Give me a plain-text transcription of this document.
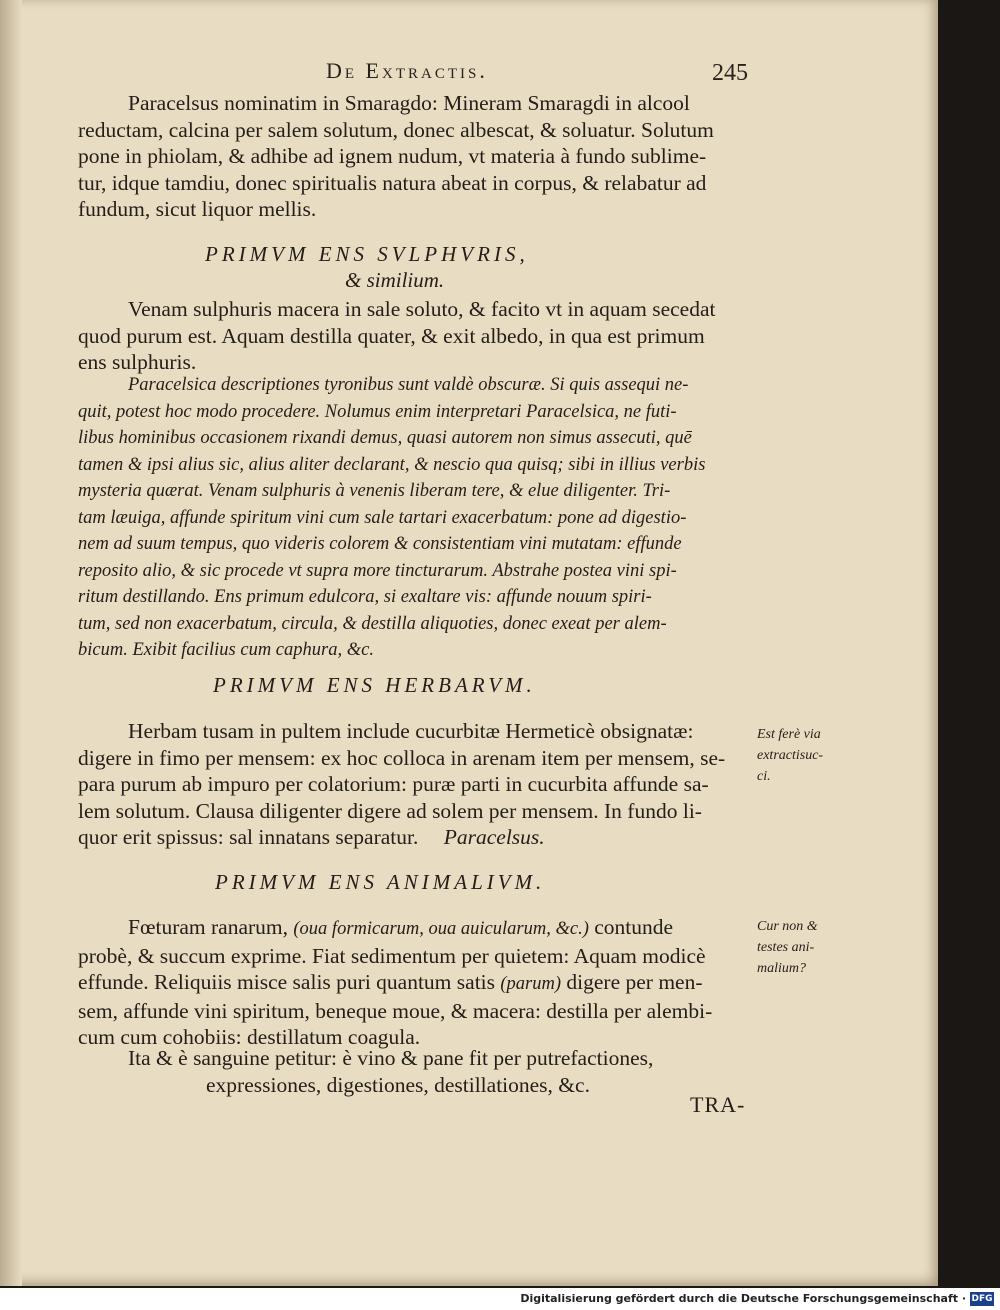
De Extractis.	245
Paracelsus nominatim in Smaragdo: Mineram Smaragdi in alcool
reductam, calcina per salem solutum, donec albescat, & soluatur. Solutum
pone in phiolam, & adhibe ad ignem nudum, vt materia à fundo sublime-
tur, idque tamdiu, donec spiritualis natura abeat in corpus, & relabatur ad
fundum, sicut liquor mellis.
PRIMVM ENS SVLPHVRIS,
& similium.
Venam sulphuris macera in sale soluto, & facito vt in aquam secedat
quod purum est. Aquam destilla quater, & exit albedo, in qua est primum
ens sulphuris.
Paracelsica descriptiones tyronibus sunt valdè obscuræ. Si quis assequi ne-
quit, potest hoc modo procedere. Nolumus enim interpretari Paracelsica, ne futi-
libus hominibus occasionem rixandi demus, quasi autorem non simus assecuti, quē
tamen & ipsi alius sic, alius aliter declarant, & nescio qua quisq; sibi in illius verbis
mysteria quærat. Venam sulphuris à venenis liberam tere, & elue diligenter. Tri-
tam læuiga, affunde spiritum vini cum sale tartari exacerbatum: pone ad digestio-
nem ad suum tempus, quo videris colorem & consistentiam vini mutatam: effunde
reposito alio, & sic procede vt supra more tincturarum. Abstrahe postea vini spi-
ritum destillando. Ens primum edulcora, si exaltare vis: affunde nouum spiri-
tum, sed non exacerbatum, circula, & destilla aliquoties, donec exeat per alem-
bicum. Exibit facilius cum caphura, &c.
PRIMVM ENS HERBARVM.
Herbam tusam in pultem include cucurbitæ Hermeticè obsignatæ:
digere in fimo per mensem: ex hoc colloca in arenam item per mensem, se-
para purum ab impuro per colatorium: puræ parti in cucurbita affunde sa-
lem solutum. Clausa diligenter digere ad solem per mensem. In fundo li-
quor erit spissus: sal innatans separatur. Paracelsus.
Est ferè via
extractisuc-
ci.
PRIMVM ENS ANIMALIVM.
Fœturam ranarum, (oua formicarum, oua auicularum, &c.) contunde
probè, & succum exprime. Fiat sedimentum per quietem: Aquam modicè
effunde. Reliquiis misce salis puri quantum satis (parum) digere per men-
sem, affunde vini spiritum, beneque moue, & macera: destilla per alembi-
cum cum cohobiis: destillatum coagula.
Cur non &
testes ani-
malium?
Ita & è sanguine petitur: è vino & pane fit per putrefactiones,
expressiones, digestiones, destillationes, &c.
TRA-
Digitalisierung gefördert durch die Deutsche Forschungsgemeinschaft · DFG
